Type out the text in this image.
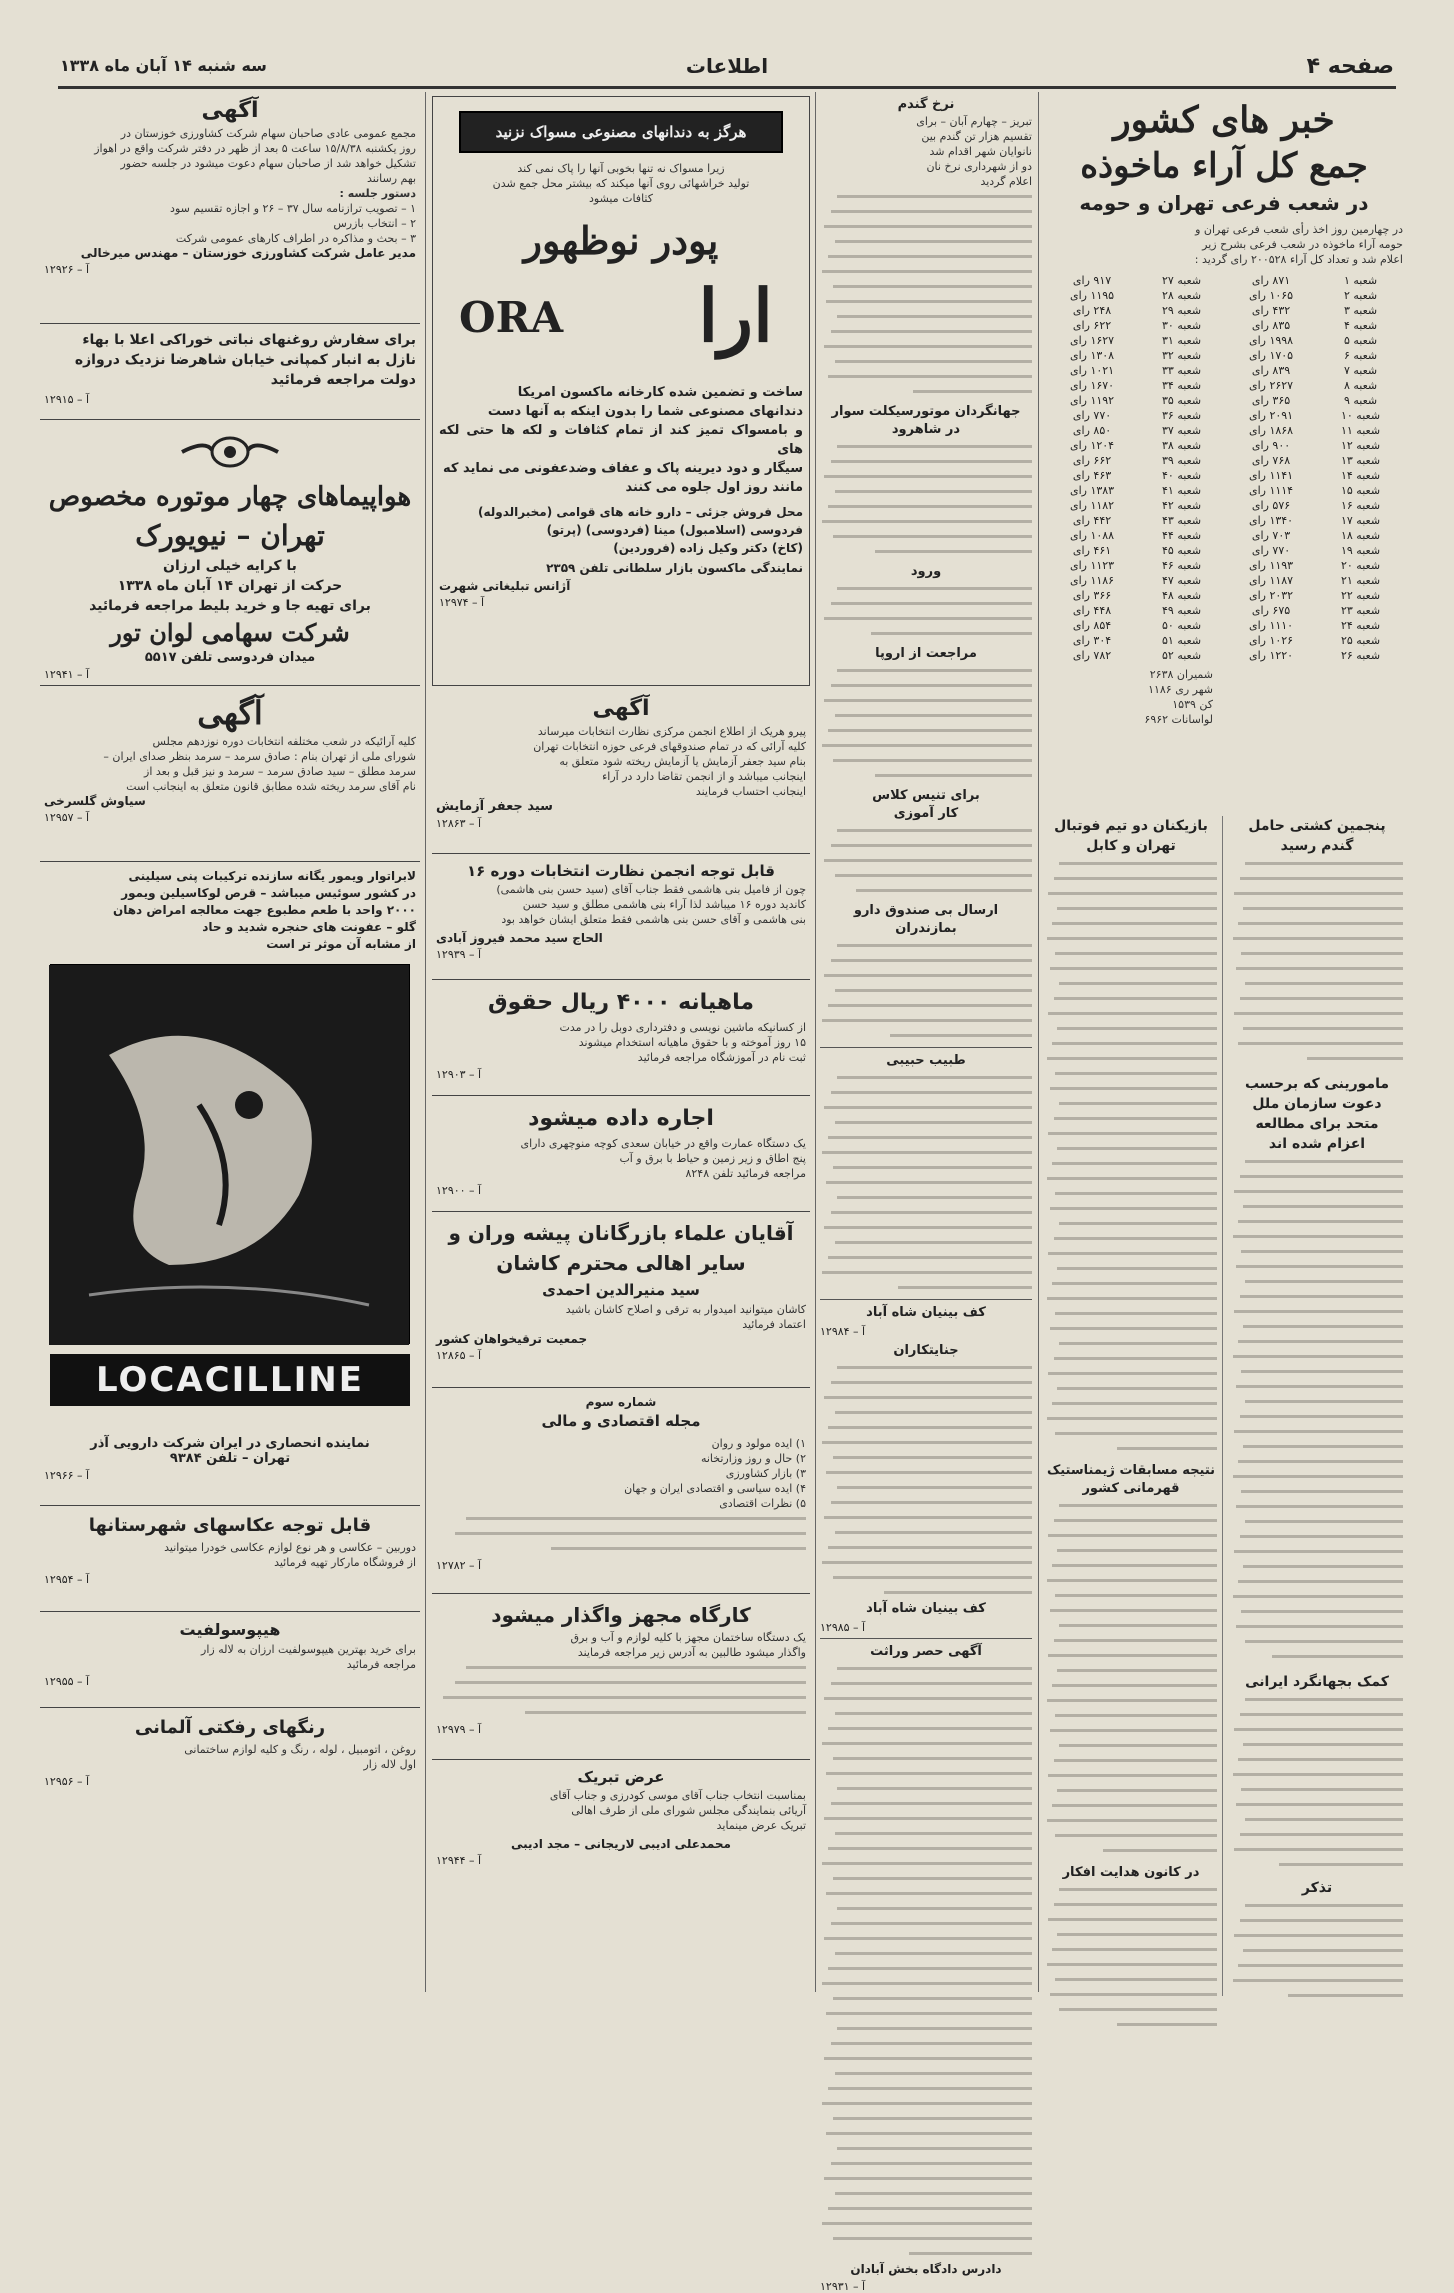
صفحه ۴
اطلاعات
سه شنبه ۱۴ آبان ماه ۱۳۳۸
خبر های کشور
جمع کل آراء ماخوذه
در شعب فرعی تهران و حومه
در چهارمین روز اخذ رأی شعب فرعی تهران و
حومه آراء ماخوذه در شعب فرعی بشرح زیر
اعلام شد و تعداد کل آراء ۲۰۰۵۲۸ رای گردید :
شعبه ۱	۸۷۱ رای	شعبه ۲۷	۹۱۷ رای
شعبه ۲	۱۰۶۵ رای	شعبه ۲۸	۱۱۹۵ رای
شعبه ۳	۴۳۲ رای	شعبه ۲۹	۲۴۸ رای
شعبه ۴	۸۳۵ رای	شعبه ۳۰	۶۲۲ رای
شعبه ۵	۱۹۹۸ رای	شعبه ۳۱	۱۶۲۷ رای
شعبه ۶	۱۷۰۵ رای	شعبه ۳۲	۱۳۰۸ رای
شعبه ۷	۸۳۹ رای	شعبه ۳۳	۱۰۲۱ رای
شعبه ۸	۲۶۲۷ رای	شعبه ۳۴	۱۶۷۰ رای
شعبه ۹	۳۶۵ رای	شعبه ۳۵	۱۱۹۲ رای
شعبه ۱۰	۲۰۹۱ رای	شعبه ۳۶	۷۷۰ رای
شعبه ۱۱	۱۸۶۸ رای	شعبه ۳۷	۸۵۰ رای
شعبه ۱۲	۹۰۰ رای	شعبه ۳۸	۱۲۰۴ رای
شعبه ۱۳	۷۶۸ رای	شعبه ۳۹	۶۶۲ رای
شعبه ۱۴	۱۱۴۱ رای	شعبه ۴۰	۴۶۳ رای
شعبه ۱۵	۱۱۱۴ رای	شعبه ۴۱	۱۳۸۳ رای
شعبه ۱۶	۵۷۶ رای	شعبه ۴۲	۱۱۸۲ رای
شعبه ۱۷	۱۳۴۰ رای	شعبه ۴۳	۴۴۲ رای
شعبه ۱۸	۷۰۳ رای	شعبه ۴۴	۱۰۸۸ رای
شعبه ۱۹	۷۷۰ رای	شعبه ۴۵	۴۶۱ رای
شعبه ۲۰	۱۱۹۳ رای	شعبه ۴۶	۱۱۲۳ رای
شعبه ۲۱	۱۱۸۷ رای	شعبه ۴۷	۱۱۸۶ رای
شعبه ۲۲	۲۰۳۲ رای	شعبه ۴۸	۳۶۶ رای
شعبه ۲۳	۶۷۵ رای	شعبه ۴۹	۴۴۸ رای
شعبه ۲۴	۱۱۱۰ رای	شعبه ۵۰	۸۵۴ رای
شعبه ۲۵	۱۰۲۶ رای	شعبه ۵۱	۳۰۴ رای
شعبه ۲۶	۱۲۲۰ رای	شعبه ۵۲	۷۸۲ رای
شمیران ۲۶۳۸
شهر ری ۱۱۸۶
کن ۱۵۳۹
لواسانات ۶۹۶۲
پنجمین کشتی حامل
گندم رسید
مامورینی که برحسب
دعوت سازمان ملل
متحد برای مطالعه
اعزام شده اند
کمک بجهانگرد ایرانی
تذکر
بازیکنان دو تیم فوتبال
تهران و کابل
نتیجه مسابقات ژیمناستیک
قهرمانی کشور
در کانون هدایت افکار
نرخ گندم
تبریز – چهارم آبان – برای
تقسیم هزار تن گندم بین
نانوایان شهر اقدام شد
دو از شهرداری نرخ نان
اعلام گردید
جهانگردان موتورسیکلت سوار
در شاهرود
ورود
مراجعت از اروپا
برای تنیس کلاس
کار آموزی
ارسال بی صندوق دارو
بمازندران
طبیب حبیبی
کف بینیان شاه آباد
آ – ۱۲۹۸۴
جنایتکاران
کف بینیان شاه آباد
آ – ۱۲۹۸۵
آگهی حصر وراثت
دادرس دادگاه بخش آبادان
آ – ۱۲۹۳۱
هرگز به دندانهای مصنوعی مسواک نزنید
زیرا مسواک نه تنها بخوبی آنها را پاک نمی کند
توليد خراشهائی روی آنها میکند که بیشتر محل جمع شدن
کثافات میشود
پودر نوظهور
ORA ارا
ساخت و تضمین شده کارخانه ماکسون امریکا
دندانهای مصنوعی شما را بدون اینکه به آنها دست
و بامسواک تمیز کند از تمام کثافات و لکه ها حتی لکه های
سیگار و دود دیرینه پاک و عفاف وضدعفونی می نماید که
مانند روز اول جلوه می کنند
محل فروش جزئی – دارو خانه های قوامی (مخبرالدوله)
فردوسی (اسلامبول) مینا (فردوسی) (پرتو)
(کاخ) دکتر وکیل زاده (فروردین)
نمایندگی ماکسون بازار سلطانی تلفن ۲۳۵۹
آژانس تبلیغاتی شهرت
آ – ۱۲۹۷۴
آگهی
پیرو هریک از اطلاع انجمن مرکزی نظارت انتخابات میرساند
کلیه آرائی که در تمام صندوقهای فرعی حوزه انتخابات تهران
بنام سید جعفر آزمایش یا آزمایش ریخته شود متعلق به
اینجانب میباشد و از انجمن تقاضا دارد در آراء
اینجانب احتساب فرمایند
سید جعفر آزمایش
آ – ۱۲۸۶۳
قابل توجه انجمن نظارت انتخابات دوره ۱۶
چون از فامیل بنی هاشمی فقط جناب آقای (سید حسن بنی هاشمی)
کاندید دوره ۱۶ میباشد لذا آراء بنی هاشمی مطلق و سید حسن
بنی هاشمی و آقای حسن بنی هاشمی فقط متعلق ایشان خواهد بود
الحاج سید محمد فیروز آبادی
آ – ۱۲۹۳۹
ماهیانه ۴۰۰۰ ریال حقوق
از کسانیکه ماشین نویسی و دفترداری دوبل را در مدت
۱۵ روز آموخته و با حقوق ماهیانه استخدام میشوند
ثبت نام در آموزشگاه مراجعه فرمائید
آ – ۱۲۹۰۳
اجاره داده میشود
یک دستگاه عمارت واقع در خیابان سعدی کوچه منوچهری دارای
پنج اطاق و زیر زمین و حیاط با برق و آب
مراجعه فرمائید تلفن ۸۲۴۸
آ – ۱۲۹۰۰
آقایان علماء بازرگانان پیشه وران و
سایر اهالی محترم کاشان
سید منیرالدین احمدی
کاشان میتوانید امیدوار به ترقی و اصلاح کاشان باشید
اعتماد فرمائید
جمعیت ترقیخواهان کشور
آ – ۱۲۸۶۵
شماره سوم
مجله اقتصادی و مالی
۱) ایده مولود و روان
۲) حال و روز وزارتخانه
۳) بازار کشاورزی
۴) ایده سیاسی و اقتصادی ایران و جهان
۵) نظرات اقتصادی
آ – ۱۲۷۸۲
کارگاه مجهز واگذار میشود
یک دستگاه ساختمان مجهز با کلیه لوازم و آب و برق
واگذار میشود طالبین به آدرس زیر مراجعه فرمایند
آ – ۱۲۹۷۹
عرض تبریک
بمناسبت انتخاب جناب آقای موسی کودرزی و جناب آقای
آریائی بنمایندگی مجلس شورای ملی از طرف اهالی
تبریک عرض مینماید
محمدعلی ادیبی لاریجانی – مجد ادیبی
آ – ۱۲۹۴۴
آگهی
مجمع عمومی عادی صاحبان سهام شرکت کشاورزی خوزستان در
روز یکشنبه ۱۵/۸/۳۸ ساعت ۵ بعد از ظهر در دفتر شرکت واقع در اهواز
تشکیل خواهد شد از صاحبان سهام دعوت میشود در جلسه حضور
بهم رسانند
دستور جلسه :
۱ – تصویب ترازنامه سال ۳۷ – ۲۶ و اجازه تقسیم سود
۲ – انتخاب بازرس
۳ – بحث و مذاکره در اطراف کارهای عمومی شرکت
مدیر عامل شرکت کشاورزی خوزستان – مهندس میرخالی
آ – ۱۲۹۲۶
برای سفارش روغنهای نباتی خوراکی اعلا با بهاء
نازل به انبار کمپانی خیابان شاهرضا نزدیک دروازه
دولت مراجعه فرمائید
آ – ۱۲۹۱۵
هواپیماهای چهار موتوره مخصوص
تهران – نیویورک
با کرایه خیلی ارزان
حرکت از تهران ۱۴ آبان ماه ۱۳۳۸
برای تهیه جا و خرید بلیط مراجعه فرمائید
شرکت سهامی لوان تور
میدان فردوسی تلفن ۵۵۱۷
آ – ۱۲۹۴۱
آگهی
کلیه آرائیکه در شعب مختلفه انتخابات دوره نوزدهم مجلس
شورای ملی از تهران بنام : صادق سرمد – سرمد بنظر صدای ایران –
سرمد مطلق – سید صادق سرمد – سرمد و نیز قبل و بعد از
نام آقای سرمد ریخته شده مطابق قانون متعلق به اینجانب است
سیاوش گلسرخی
آ – ۱۲۹۵۷
لابراتوار ویمور یگانه سازنده ترکیبات پنی سیلینی
در کشور سوئیس میباشد – قرص لوکاسیلین ویمور
۲۰۰۰ واحد با طعم مطبوع جهت معالجه امراض دهان
گلو – عفونت های حنجره شدید و حاد
از مشابه آن موثر تر است
LOCACILLINE
نماینده انحصاری در ایران شرکت دارویی آذر
تهران – تلفن ۹۳۸۴
آ – ۱۲۹۶۶
قابل توجه عکاسهای شهرستانها
دوربین – عکاسی و هر نوع لوازم عکاسی خودرا میتوانید
از فروشگاه مارکار تهیه فرمائید
آ – ۱۲۹۵۴
هیپوسولفیت
برای خرید بهترین هیپوسولفیت ارزان به لاله زار
مراجعه فرمائید
آ – ۱۲۹۵۵
رنگهای رفکتی آلمانی
روغن ، اتومبیل ، لوله ، رنگ و کلیه لوازم ساختمانی
اول لاله زار
آ – ۱۲۹۵۶
